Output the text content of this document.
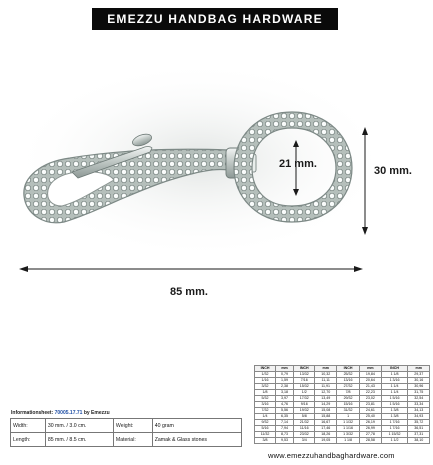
EMEZZU HANDBAG HARDWARE
21 mm.
30 mm.
85 mm.
Informationsheet: 70005.17.71 by Emezzu
Width:	30 mm. / 3.0 cm.	Weight:	40 gram
Length:	85 mm. / 8.5 cm.	Material:	Zamak & Glass stones
INCH	mm	INCH	mm	INCH	mm	INCH	mm
1/32	0,79	13/32	10,32	25/32	19,84	1 1/8	29,37
1/16	1,59	7/16	11,11	13/16	20,64	1 3/16	30,16
3/32	2,38	15/32	11,91	27/32	21,43	1 1/4	30,96
1/8	3,18	1/2	12,70	7/8	22,23	1 1/4	31,75
5/32	3,97	17/32	13,49	29/32	23,02	1 5/16	32,54
3/16	4,76	9/16	14,29	15/16	23,81	1 5/16	33,34
7/32	5,56	19/32	15,08	31/32	24,61	1 3/8	34,13
1/4	6,35	5/8	15,88	1	25,40	1 3/8	34,93
9/32	7,14	21/32	16,67	1 1/32	26,19	1 7/16	35,72
5/16	7,94	11/16	17,46	1 1/16	26,99	1 7/16	36,51
11/32	8,73	23/32	18,26	1 3/32	27,78	1 15/32	37,31
3/8	9,53	3/4	19,05	1 1/8	28,58	1 1/2	38,10
www.emezzuhandbaghardware.com
